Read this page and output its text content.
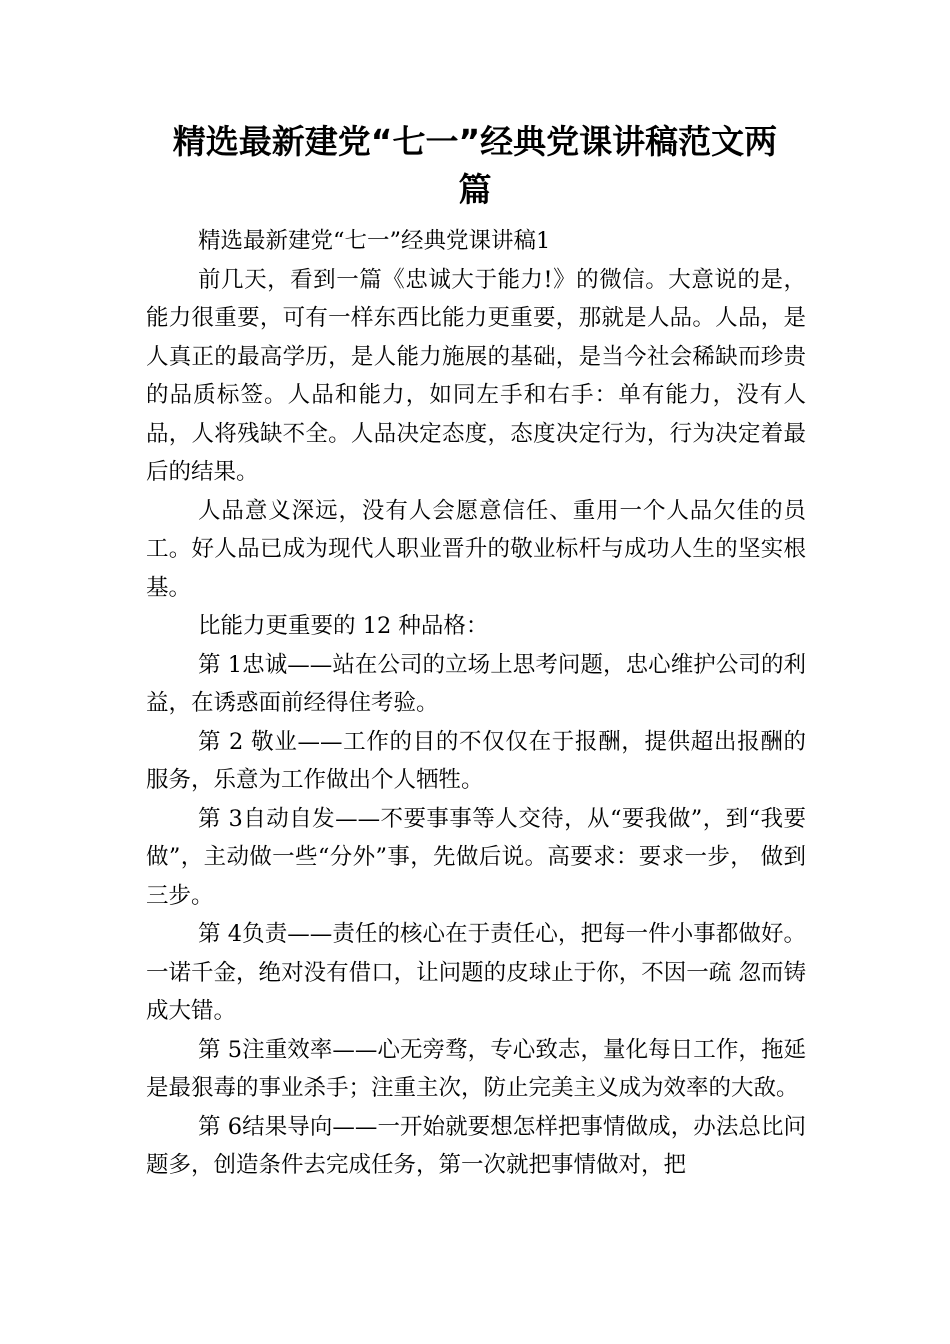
精选最新建党“七一”经典党课讲稿范文两
篇

精选最新建党“七一”经典党课讲稿1

前几天，看到一篇《忠诚大于能力!》的微信。大意说的是，能力很重要，可有一样东西比能力更重要，那就是人品。人品，是人真正的最高学历，是人能力施展的基础，是当今社会稀缺而珍贵的品质标签。人品和能力，如同左手和右手：单有能力，没有人品，人将残缺不全。人品决定态度，态度决定行为，行为决定着最后的结果。

人品意义深远，没有人会愿意信任、重用一个人品欠佳的员工。好人品已成为现代人职业晋升的敬业标杆与成功人生的坚实根基。

比能力更重要的 12 种品格：

第 1忠诚——站在公司的立场上思考问题，忠心维护公司的利益，在诱惑面前经得住考验。

第 2 敬业——工作的目的不仅仅在于报酬，提供超出报酬的服务，乐意为工作做出个人牺牲。

第 3自动自发——不要事事等人交待，从“要我做”，到“我要做”，主动做一些“分外”事，先做后说。高要求：要求一步， 做到三步。

第 4负责——责任的核心在于责任心，把每一件小事都做好。一诺千金，绝对没有借口，让问题的皮球止于你，不因一疏 忽而铸成大错。

第 5注重效率——心无旁骛，专心致志，量化每日工作，拖延是最狠毒的事业杀手；注重主次，防止完美主义成为效率的大敌。

第 6结果导向——一开始就要想怎样把事情做成，办法总比问题多，创造条件去完成任务，第一次就把事情做对，把
